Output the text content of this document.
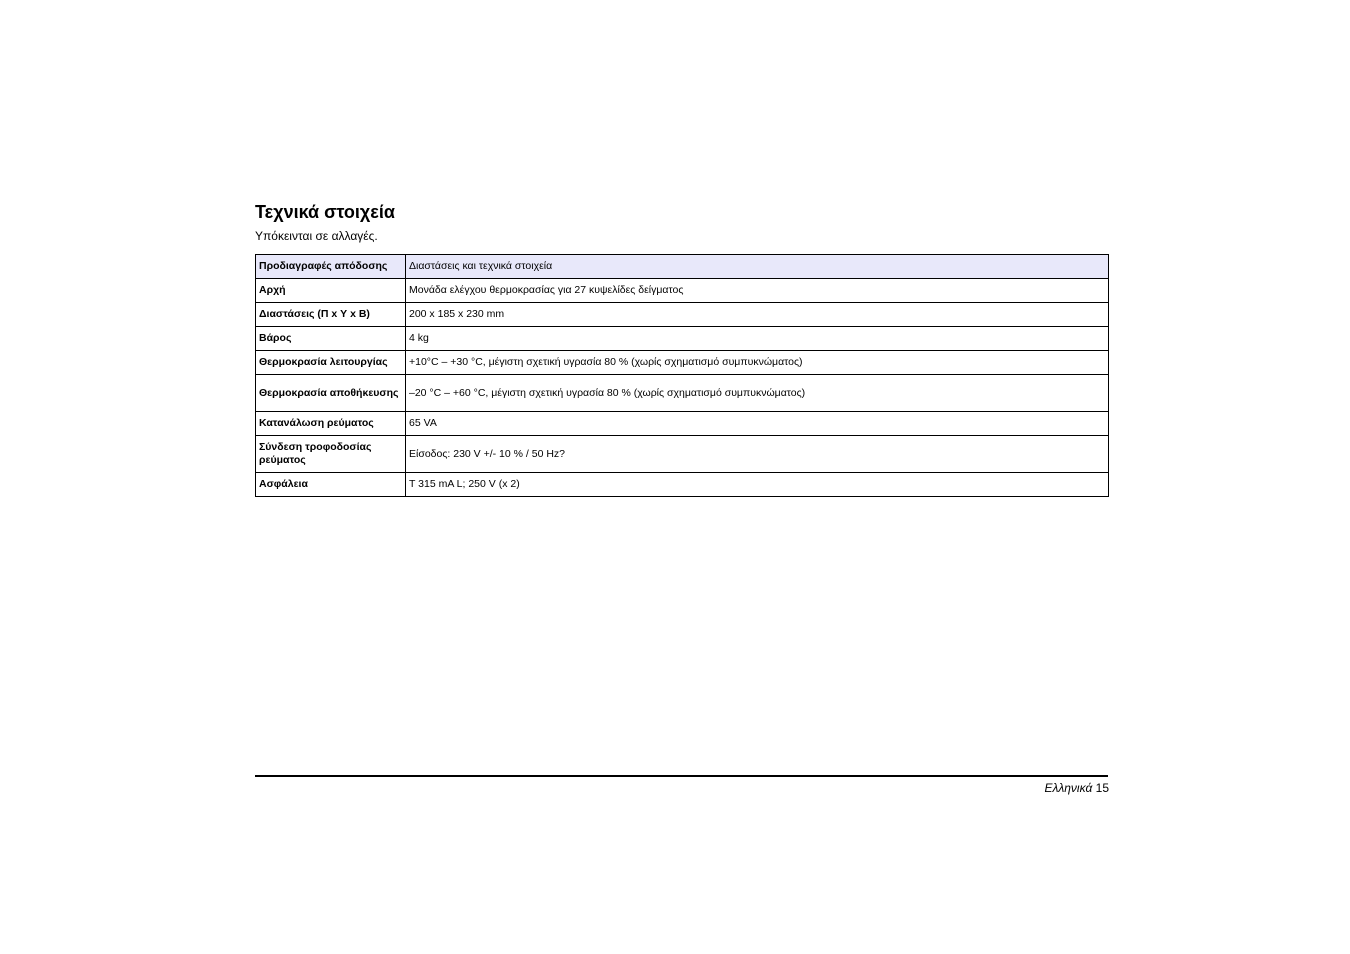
Τεχνικά στοιχεία

Υπόκεινται σε αλλαγές.

Προδιαγραφές απόδοσης	Διαστάσεις και τεχνικά στοιχεία
Αρχή	Μονάδα ελέγχου θερμοκρασίας για 27 κυψελίδες δείγματος
Διαστάσεις (Π x Υ x Β)	200 x 185 x 230 mm
Βάρος	4 kg
Θερμοκρασία λειτουργίας	+10°C – +30 °C, μέγιστη σχετική υγρασία 80 % (χωρίς σχηματισμό συμπυκνώματος)
Θερμοκρασία αποθήκευσης	–20 °C – +60 °C, μέγιστη σχετική υγρασία 80 % (χωρίς σχηματισμό συμπυκνώματος)
Κατανάλωση ρεύματος	65 VA
Σύνδεση τροφοδοσίας ρεύματος	Είσοδος: 230 V +/- 10 % / 50 Hz?
Ασφάλεια	T 315 mA L; 250 V (x 2)
Ελληνικά 15
